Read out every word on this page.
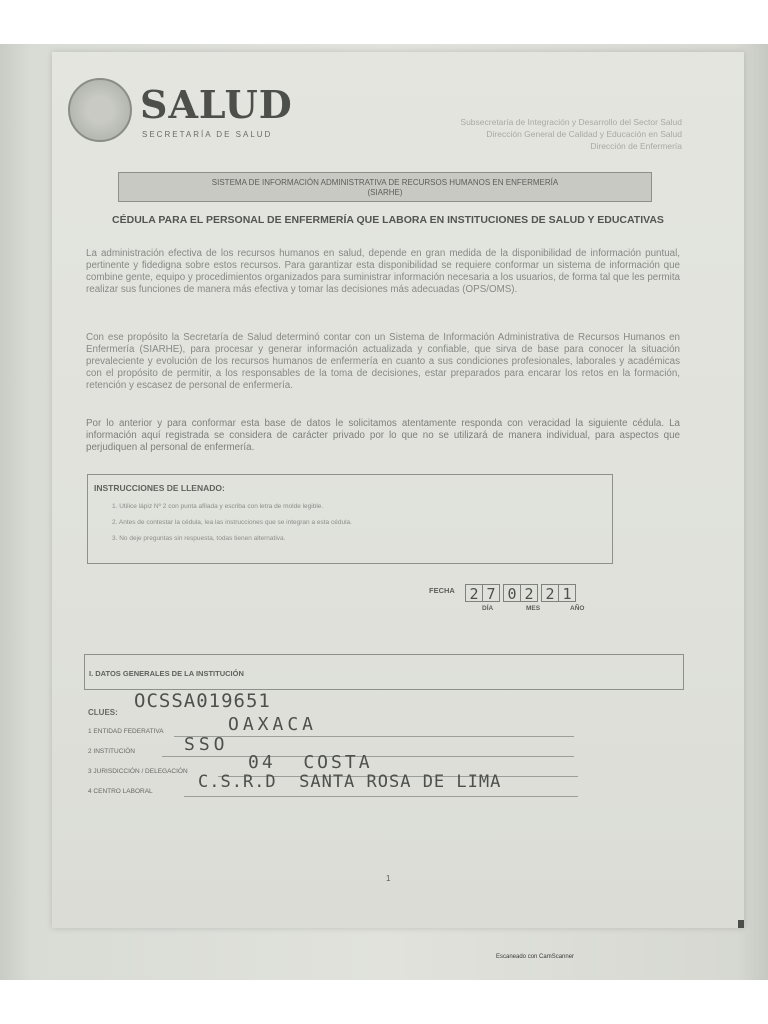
SALUD
SECRETARÍA DE SALUD
Subsecretaría de Integración y Desarrollo del Sector Salud
Dirección General de Calidad y Educación en Salud
Dirección de Enfermería
SISTEMA DE INFORMACIÓN ADMINISTRATIVA DE RECURSOS HUMANOS EN ENFERMERÍA
(SIARHE)
CÉDULA PARA EL PERSONAL DE ENFERMERÍA QUE LABORA EN INSTITUCIONES DE SALUD Y EDUCATIVAS
La administración efectiva de los recursos humanos en salud, depende en gran medida de la disponibilidad de información puntual, pertinente y fidedigna sobre estos recursos. Para garantizar esta disponibilidad se requiere conformar un sistema de información que combine gente, equipo y procedimientos organizados para suministrar información necesaria a los usuarios, de forma tal que les permita realizar sus funciones de manera más efectiva y tomar las decisiones más adecuadas (OPS/OMS).
Con ese propósito la Secretaría de Salud determinó contar con un Sistema de Información Administrativa de Recursos Humanos en Enfermería (SIARHE), para procesar y generar información actualizada y confiable, que sirva de base para conocer la situación prevaleciente y evolución de los recursos humanos de enfermería en cuanto a sus condiciones profesionales, laborales y académicas con el propósito de permitir, a los responsables de la toma de decisiones, estar preparados para encarar los retos en la formación, retención y escasez de personal de enfermería.
Por lo anterior y para conformar esta base de datos le solicitamos atentamente responda con veracidad la siguiente cédula. La información aquí registrada se considera de carácter privado por lo que no se utilizará de manera individual, para aspectos que perjudiquen al personal de enfermería.
INSTRUCCIONES DE LLENADO:
1. Utilice lápiz Nº 2 con punta afilada y escriba con letra de molde legible.
2. Antes de contestar la cédula, lea las instrucciones que se integran a esta cédula.
3. No deje preguntas sin respuesta, todas tienen alternativa.
FECHA 2 7 0 2 2 1
DÍA	MES	AÑO
I. DATOS GENERALES DE LA INSTITUCIÓN
CLUES:
OCSSA019651
1 ENTIDAD FEDERATIVA	OAXACA
2 INSTITUCIÓN	SSO
3 JURISDICCIÓN / DELEGACIÓN	04  COSTA
4 CENTRO LABORAL	C.S.R.D  SANTA ROSA DE LIMA
1
Escaneado con CamScanner
